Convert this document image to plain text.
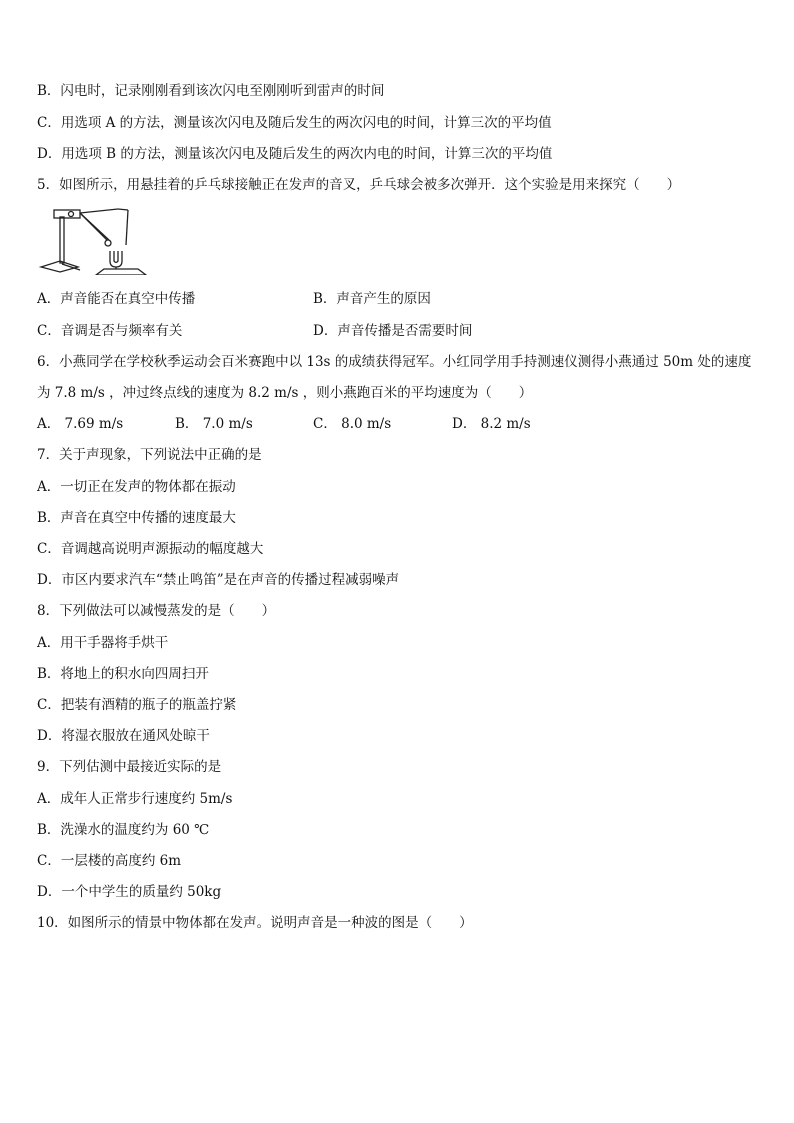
B．闪电时，记录刚刚看到该次闪电至刚刚听到雷声的时间
C．用选项 A 的方法，测量该次闪电及随后发生的两次闪电的时间，计算三次的平均值
D．用选项 B 的方法，测量该次闪电及随后发生的两次内电的时间，计算三次的平均值
5．如图所示，用悬挂着的乒乓球接触正在发声的音叉，乒乓球会被多次弹开．这个实验是用来探究（　　）
A．声音能否在真空中传播	B．声音产生的原因
C．音调是否与频率有关	D．声音传播是否需要时间
6．小燕同学在学校秋季运动会百米赛跑中以 13s 的成绩获得冠军。小红同学用手持测速仪测得小燕通过 50m 处的速度
为 7.8 m/s ，冲过终点线的速度为 8.2 m/s ，则小燕跑百米的平均速度为（　　）
A． 7.69 m/s	B． 7.0 m/s	C． 8.0 m/s	D． 8.2 m/s
7．关于声现象，下列说法中正确的是
A．一切正在发声的物体都在振动
B．声音在真空中传播的速度最大
C．音调越高说明声源振动的幅度越大
D．市区内要求汽车“禁止鸣笛”是在声音的传播过程减弱噪声
8．下列做法可以减慢蒸发的是（　　）
A．用干手器将手烘干
B．将地上的积水向四周扫开
C．把装有酒精的瓶子的瓶盖拧紧
D．将湿衣服放在通风处晾干
9．下列估测中最接近实际的是
A．成年人正常步行速度约 5m/s
B．洗澡水的温度约为 60 ℃
C．一层楼的高度约 6m
D．一个中学生的质量约 50kg
10．如图所示的情景中物体都在发声。说明声音是一种波的图是（　　）
